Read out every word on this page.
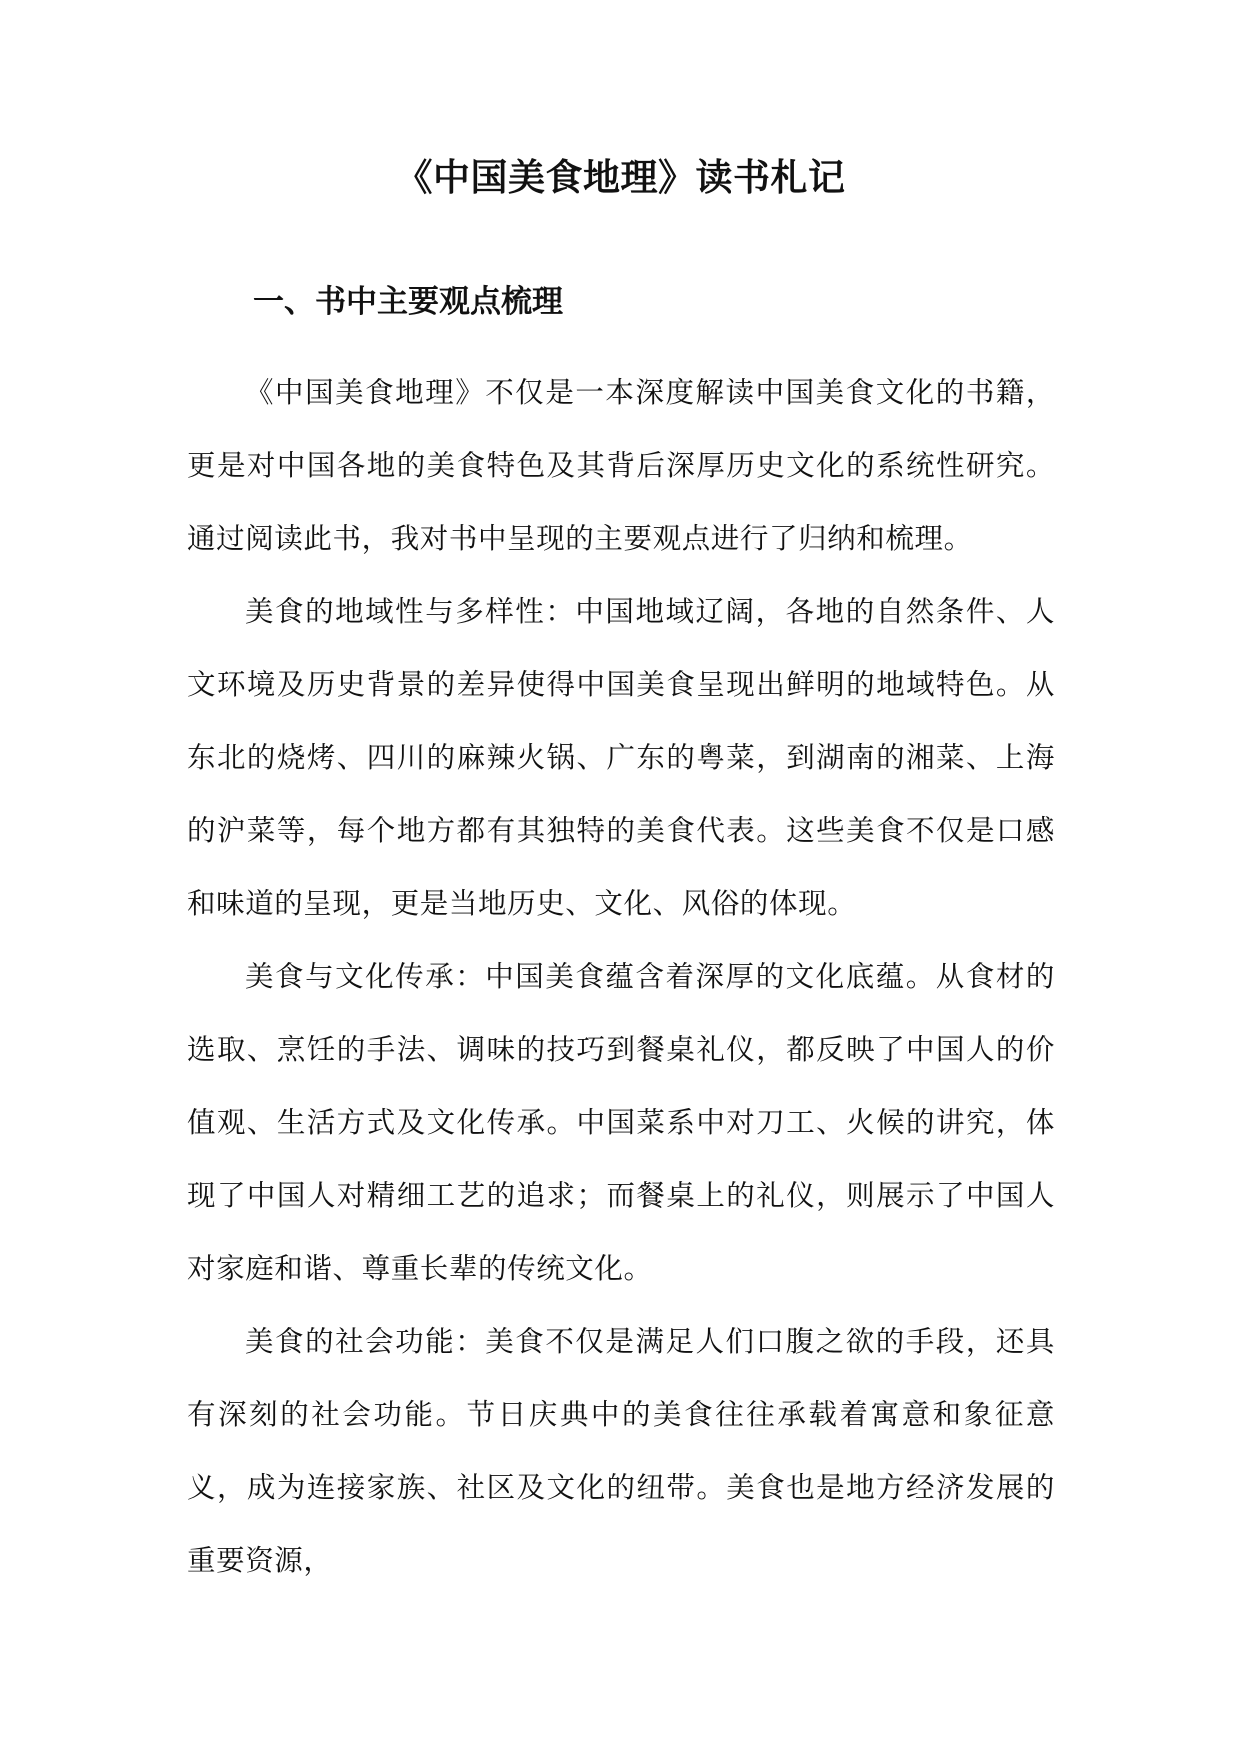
《中国美食地理》读书札记
一、书中主要观点梳理

《中国美食地理》不仅是一本深度解读中国美食文化的书籍，更是对中国各地的美食特色及其背后深厚历史文化的系统性研究。通过阅读此书，我对书中呈现的主要观点进行了归纳和梳理。

美食的地域性与多样性：中国地域辽阔，各地的自然条件、人文环境及历史背景的差异使得中国美食呈现出鲜明的地域特色。从东北的烧烤、四川的麻辣火锅、广东的粤菜，到湖南的湘菜、上海的沪菜等，每个地方都有其独特的美食代表。这些美食不仅是口感和味道的呈现，更是当地历史、文化、风俗的体现。

美食与文化传承：中国美食蕴含着深厚的文化底蕴。从食材的选取、烹饪的手法、调味的技巧到餐桌礼仪，都反映了中国人的价值观、生活方式及文化传承。中国菜系中对刀工、火候的讲究，体现了中国人对精细工艺的追求；而餐桌上的礼仪，则展示了中国人对家庭和谐、尊重长辈的传统文化。

美食的社会功能：美食不仅是满足人们口腹之欲的手段，还具有深刻的社会功能。节日庆典中的美食往往承载着寓意和象征意义，成为连接家族、社区及文化的纽带。美食也是地方经济发展的重要资源，
